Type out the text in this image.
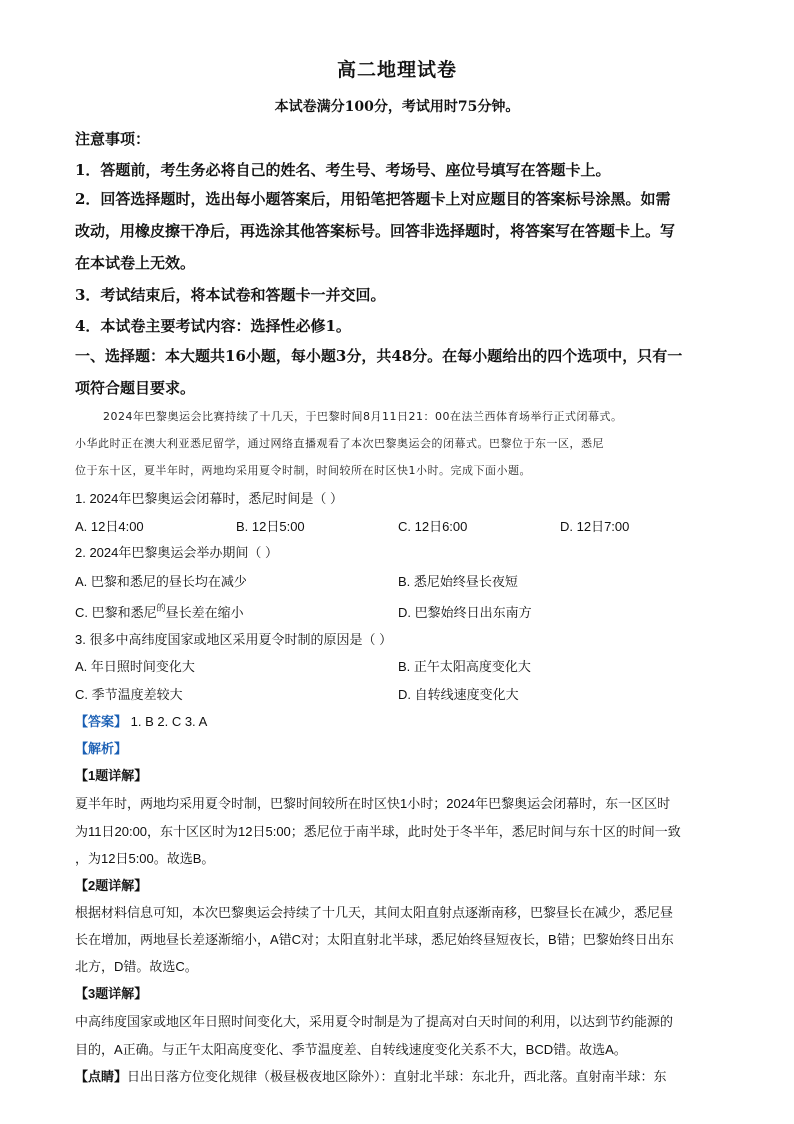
高二地理试卷
本试卷满分100分，考试用时75分钟。
注意事项：
1．答题前，考生务必将自己的姓名、考生号、考场号、座位号填写在答题卡上。
2．回答选择题时，选出每小题答案后，用铅笔把答题卡上对应题目的答案标号涂黑。如需
改动，用橡皮擦干净后，再选涂其他答案标号。回答非选择题时，将答案写在答题卡上。写
在本试卷上无效。
3．考试结束后，将本试卷和答题卡一并交回。
4．本试卷主要考试内容：选择性必修1。
一、选择题：本大题共16小题，每小题3分，共48分。在每小题给出的四个选项中，只有一
项符合题目要求。
2024年巴黎奥运会比赛持续了十几天，于巴黎时间8月11日21：00在法兰西体育场举行正式闭幕式。
小华此时正在澳大利亚悉尼留学，通过网络直播观看了本次巴黎奥运会的闭幕式。巴黎位于东一区，悉尼
位于东十区，夏半年时，两地均采用夏令时制，时间较所在时区快1小时。完成下面小题。
1. 2024年巴黎奥运会闭幕时，悉尼时间是（ ）
A. 12日4:00	B. 12日5:00	C. 12日6:00	D. 12日7:00
2. 2024年巴黎奥运会举办期间（ ）
A. 巴黎和悉尼的昼长均在减少	B. 悉尼始终昼长夜短
C. 巴黎和悉尼$^的$昼长差在缩小	D. 巴黎始终日出东南方
3. 很多中高纬度国家或地区采用夏令时制的原因是（ ）
A. 年日照时间变化大	B. 正午太阳高度变化大
C. 季节温度差较大	D. 自转线速度变化大
【答案】 1. B 2. C 3. A
【解析】
【1题详解】
夏半年时，两地均采用夏令时制，巴黎时间较所在时区快1小时；2024年巴黎奥运会闭幕时，东一区区时
为11日20:00，东十区区时为12日5:00；悉尼位于南半球，此时处于冬半年，悉尼时间与东十区的时间一致
，为12日5:00。故选B。
【2题详解】
根据材料信息可知，本次巴黎奥运会持续了十几天，其间太阳直射点逐渐南移，巴黎昼长在减少，悉尼昼
长在增加，两地昼长差逐渐缩小，A错C对；太阳直射北半球，悉尼始终昼短夜长，B错；巴黎始终日出东
北方，D错。故选C。
【3题详解】
中高纬度国家或地区年日照时间变化大，采用夏令时制是为了提高对白天时间的利用，以达到节约能源的
目的，A正确。与正午太阳高度变化、季节温度差、自转线速度变化关系不大，BCD错。故选A。
【点睛】日出日落方位变化规律（极昼极夜地区除外）：直射北半球：东北升，西北落。直射南半球：东
